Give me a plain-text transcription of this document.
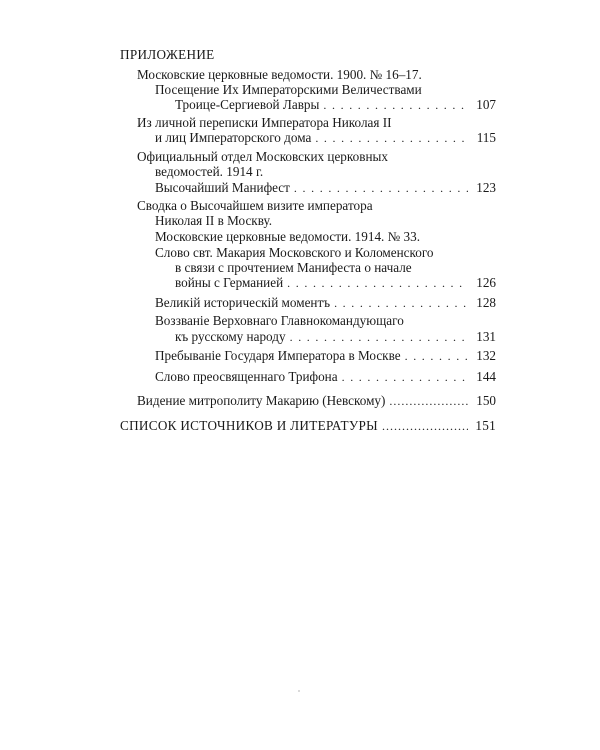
ПРИЛОЖЕНИЕ
Московские церковные ведомости. 1900. № 16–17.
Посещение Их Императорскими Величествами
Троице-Сергиевой Лавры . . .	107
Из личной переписки Императора Николая II
и лиц Императорского дома . . .	115
Официальный отдел Московских церковных
ведомостей. 1914 г.
Высочайший Манифест . . .	123
Сводка о Высочайшем визите императора
Николая II в Москву.
Московские церковные ведомости. 1914. № 33.
Слово свт. Макария Московского и Коломенского
в связи с прочтением Манифеста о начале
войны с Германией . . .	126
Великій историческій моментъ . . .	128
Воззваніе Верховнаго Главнокомандующаго
къ русскому народу . . .	131
Пребываніе Государя Императора в Москве . . .	132
Слово преосвященнаго Трифона . . .	144
Видение митрополиту Макарию (Невскому) .....	150
СПИСОК ИСТОЧНИКОВ И ЛИТЕРАТУРЫ .....	151
